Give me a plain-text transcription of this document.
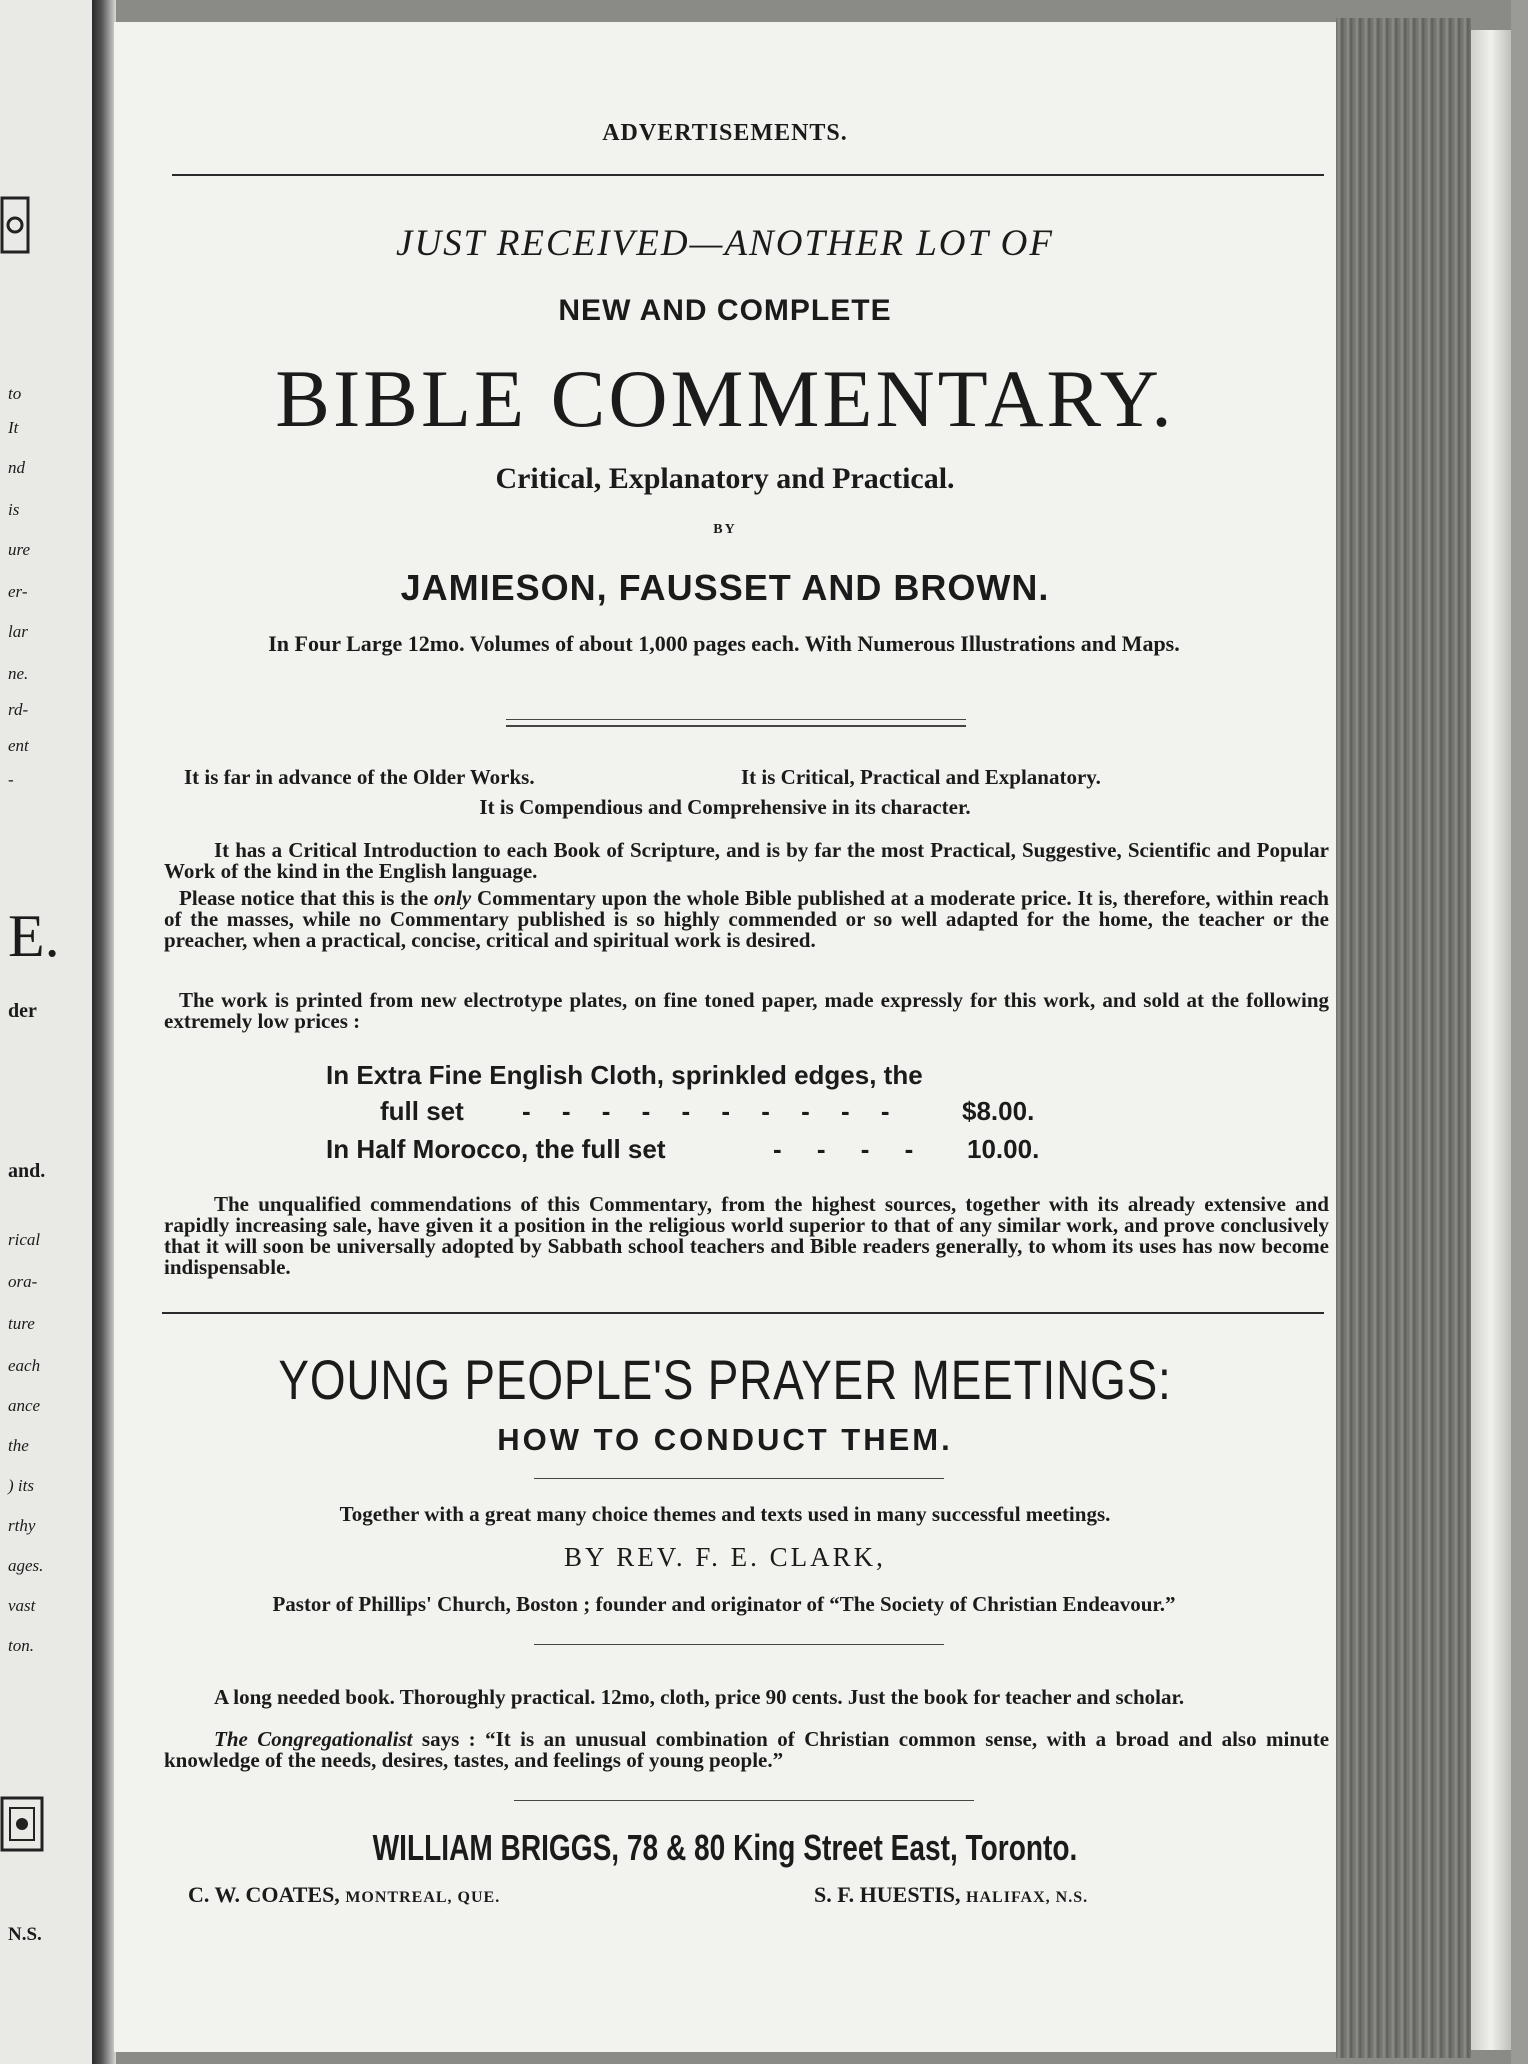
to
It
nd
is
ure
er-
lar
ne.
rd-
ent
-
E.
der
and.
rical
ora-
ture
each
ance
the
) its
rthy
ages.
vast
ton.
N.S.
ADVERTISEMENTS.
JUST RECEIVED—ANOTHER LOT OF
NEW AND COMPLETE
BIBLE COMMENTARY.
Critical, Explanatory and Practical.
BY
JAMIESON, FAUSSET AND BROWN.
In Four Large 12mo. Volumes of about 1,000 pages each. With Numerous Illustrations and Maps.
It is far in advance of the Older Works.	It is Critical, Practical and Explanatory.
It is Compendious and Comprehensive in its character.
It has a Critical Introduction to each Book of Scripture, and is by far the most Practical, Suggestive, Scientific and Popular Work of the kind in the English language.
Please notice that this is the only Commentary upon the whole Bible published at a moderate price. It is, therefore, within reach of the masses, while no Commentary published is so highly commended or so well adapted for the home, the teacher or the preacher, when a practical, concise, critical and spiritual work is desired.
The work is printed from new electrotype plates, on fine toned paper, made expressly for this work, and sold at the following extremely low prices :
In Extra Fine English Cloth, sprinkled edges, the
full set - - - - - - - - - - $8.00.
In Half Morocco, the full set	- - - - 10.00.
The unqualified commendations of this Commentary, from the highest sources, together with its already extensive and rapidly increasing sale, have given it a position in the religious world superior to that of any similar work, and prove conclusively that it will soon be universally adopted by Sabbath school teachers and Bible readers generally, to whom its uses has now become indispensable.
YOUNG PEOPLE'S PRAYER MEETINGS:
HOW TO CONDUCT THEM.
Together with a great many choice themes and texts used in many successful meetings.
BY REV. F. E. CLARK,
Pastor of Phillips' Church, Boston ; founder and originator of “The Society of Christian Endeavour.”
A long needed book. Thoroughly practical. 12mo, cloth, price 90 cents. Just the book for teacher and scholar.
The Congregationalist says : “It is an unusual combination of Christian common sense, with a broad and also minute knowledge of the needs, desires, tastes, and feelings of young people.”
WILLIAM BRIGGS, 78 & 80 King Street East, Toronto.
C. W. COATES, MONTREAL, QUE.	S. F. HUESTIS, HALIFAX, N.S.
